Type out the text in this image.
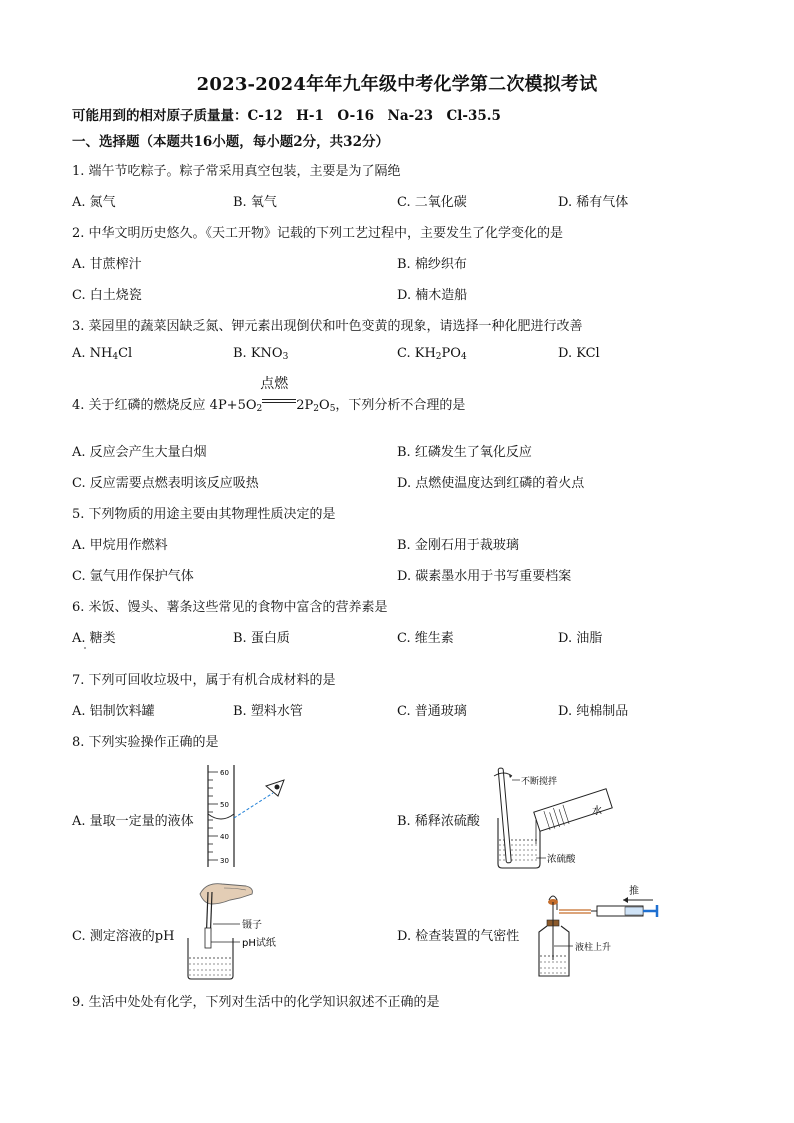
2023-2024年年九年级中考化学第二次模拟考试
可能用到的相对原子质量量：C-12　H-1　O-16　Na-23　Cl-35.5
一、选择题（本题共16小题，每小题2分，共32分）
1. 端午节吃粽子。粽子常采用真空包装，主要是为了隔绝
A. 氮气	B. 氧气	C. 二氧化碳	D. 稀有气体
2. 中华文明历史悠久。《天工开物》记载的下列工艺过程中，主要发生了化学变化的是
A. 甘蔗榨汁	B. 棉纱织布
C. 白土烧瓷	D. 楠木造船
3. 菜园里的蔬菜因缺乏氮、钾元素出现倒伏和叶色变黄的现象，请选择一种化肥进行改善
A. $NH_4Cl$	B. $KNO_3$	C. $KH_2PO_4$	D. KCl
4. 关于红磷的燃烧反应 $4P+5O_2$
点燃
$2P_2O_5$，下列分析不合理的是
A. 反应会产生大量白烟	B. 红磷发生了氧化反应
C. 反应需要点燃表明该反应吸热	D. 点燃使温度达到红磷的着火点
5. 下列物质的用途主要由其物理性质决定的是
A. 甲烷用作燃料	B. 金刚石用于裁玻璃
C. 氩气用作保护气体	D. 碳素墨水用于书写重要档案
6. 米饭、馒头、薯条这些常见的食物中富含的营养素是
A. 糖类	B. 蛋白质	C. 维生素	D. 油脂
7. 下列可回收垃圾中，属于有机合成材料的是
A. 铝制饮料罐	B. 塑料水管	C. 普通玻璃	D. 纯棉制品
8. 下列实验操作正确的是
A. 量取一定量的液体	B. 稀释浓硫酸
C. 测定溶液的pH	D. 检查装置的气密性
60
50
40
30
不断搅拌
水
浓硫酸
镊子
pH试纸
推
液柱上升
9. 生活中处处有化学，下列对生活中的化学知识叙述不正确的是
